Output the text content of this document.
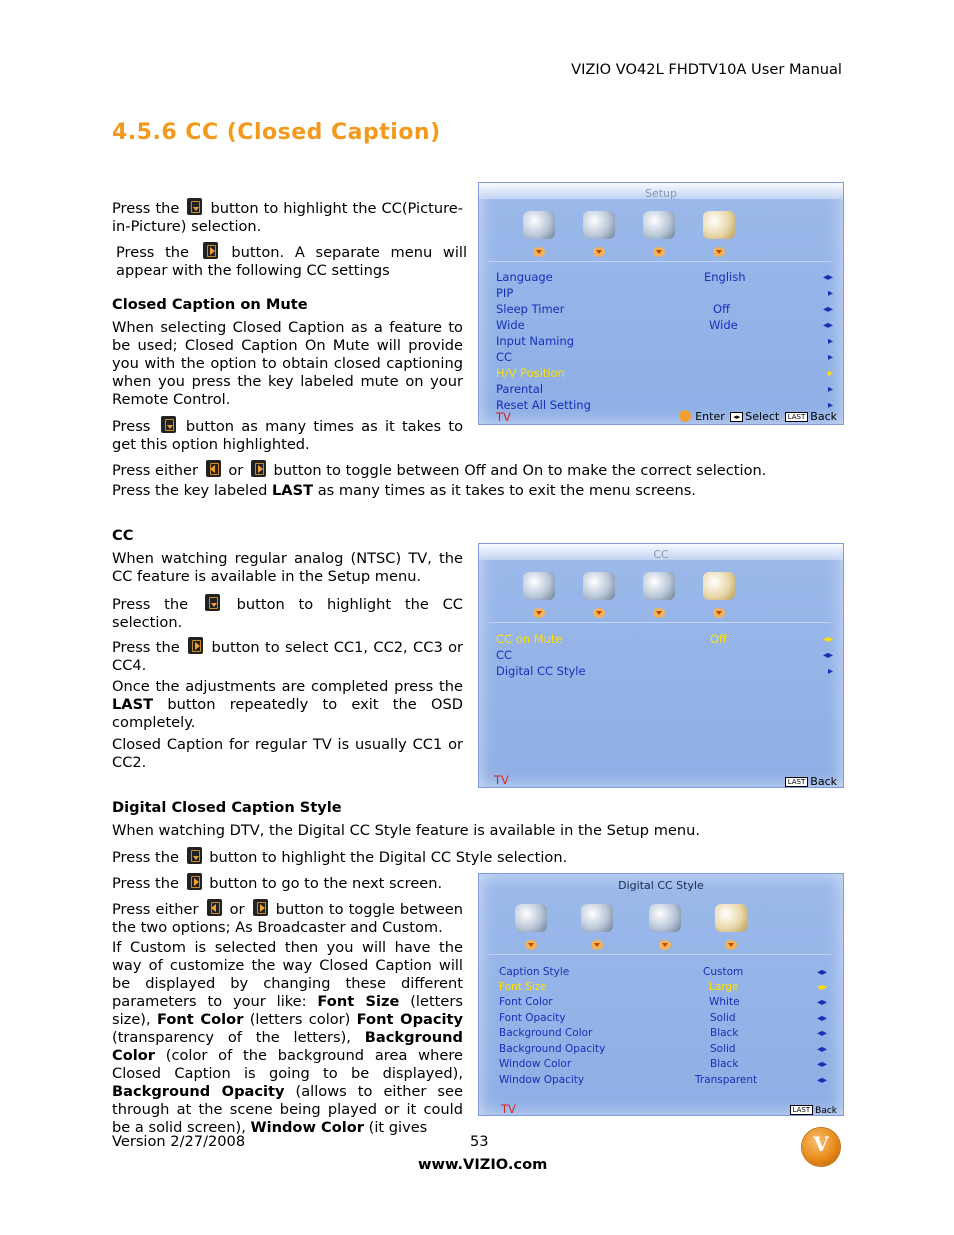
VIZIO VO42L FHDTV10A User Manual
4.5.6 CC (Closed Caption)
Press the button to highlight the CC(Picture-in-Picture) selection.
Press the	button. A separate menu will appear with the following CC settings
Closed Caption on Mute
When selecting Closed Caption as a feature to be used; Closed Caption On Mute will provide you with the option to obtain closed captioning when you press the key labeled mute on your Remote Control.
Press button as many times as it takes to get this option highlighted.
Press either or button to toggle between Off and On to make the correct selection.
Press the key labeled LAST as many times as it takes to exit the menu screens.
CC
When watching regular analog (NTSC) TV, the CC feature is available in the Setup menu.
Press the	button to highlight the CC selection.
Press the button to select CC1, CC2, CC3 or CC4.
Once the adjustments are completed press the LAST button repeatedly to exit the OSD completely.
Closed Caption for regular TV is usually CC1 or CC2.
Digital Closed Caption Style
When watching DTV, the Digital CC Style feature is available in the Setup menu.
Press the button to highlight the Digital CC Style selection.
Press the button to go to the next screen.
Press either or button to toggle between the two options; As Broadcaster and Custom.
If Custom is selected then you will have the way of customize the way Closed Caption will be displayed by changing these different parameters to your like: Font Size (letters size), Font Color (letters color) Font Opacity (transparency of the letters), Background Color (color of the background area where Closed Caption is going to be displayed), Background Opacity (allows to either see through at the scene being played or it could be a solid screen), Window Color (it gives
Setup
Language	English	◂▸
PIP	▸
Sleep Timer	Off	◂▸
Wide	Wide	◂▸
Input Naming	▸
CC	▸
H/V Position	▸
Parental	▸
Reset All Setting	▸
TV	Enter ◂▸ Select LAST Back
CC
CC on Mute	Off	◂▸
CC	◂▸
Digital CC Style	▸
TV	LAST Back
Digital CC Style
Caption Style	Custom	◂▸
Font Size	Large	◂▸
Font Color	White	◂▸
Font Opacity	Solid	◂▸
Background Color	Black	◂▸
Background Opacity	Solid	◂▸
Window Color	Black	◂▸
Window Opacity	Transparent	◂▸
TV	LAST Back
Version 2/27/2008	53
www.VIZIO.com
V
